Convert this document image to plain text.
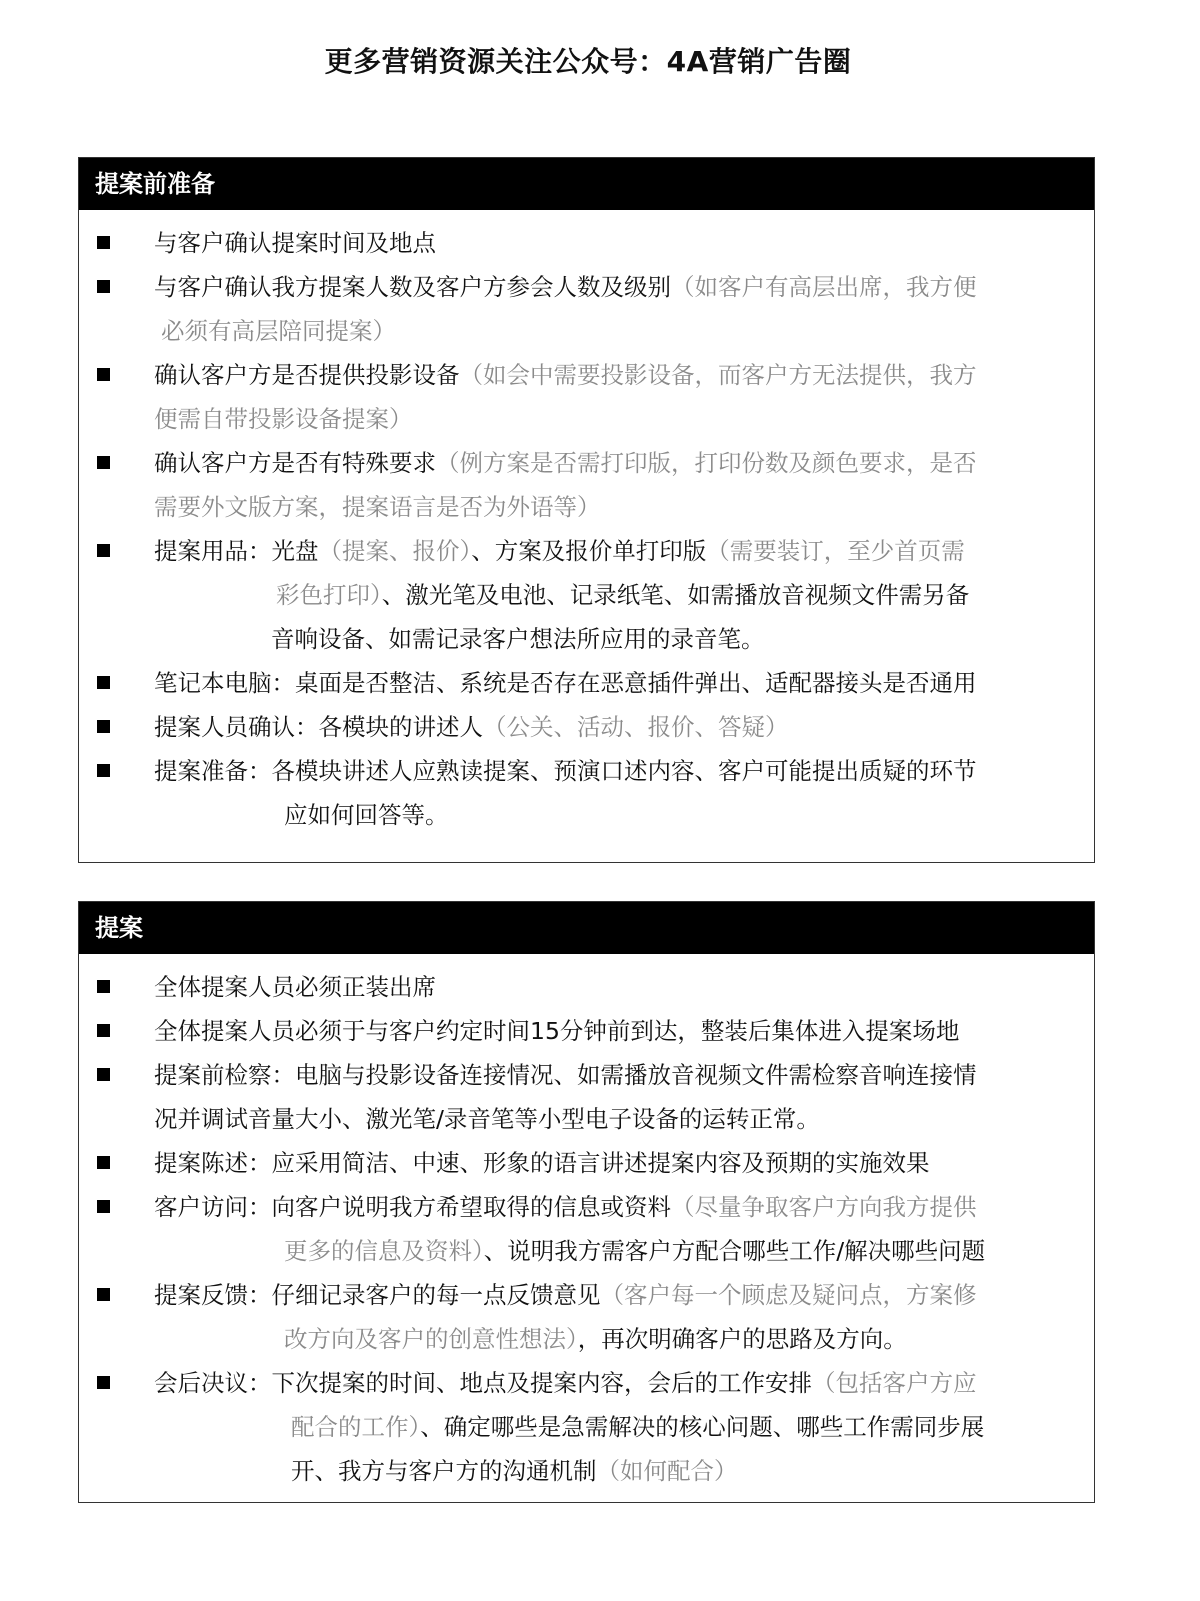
更多营销资源关注公众号：4A营销广告圈
提案前准备
与客户确认提案时间及地点
与客户确认我方提案人数及客户方参会人数及级别（如客户有高层出席，我方便
必须有高层陪同提案）
确认客户方是否提供投影设备（如会中需要投影设备，而客户方无法提供，我方
便需自带投影设备提案）
确认客户方是否有特殊要求（例方案是否需打印版，打印份数及颜色要求，是否
需要外文版方案，提案语言是否为外语等）
提案用品：光盘（提案、报价）、方案及报价单打印版（需要装订，至少首页需
彩色打印）、激光笔及电池、记录纸笔、如需播放音视频文件需另备
音响设备、如需记录客户想法所应用的录音笔。
笔记本电脑：桌面是否整洁、系统是否存在恶意插件弹出、适配器接头是否通用
提案人员确认：各模块的讲述人（公关、活动、报价、答疑）
提案准备：各模块讲述人应熟读提案、预演口述内容、客户可能提出质疑的环节
应如何回答等。
提案
全体提案人员必须正装出席
全体提案人员必须于与客户约定时间15分钟前到达，整装后集体进入提案场地
提案前检察：电脑与投影设备连接情况、如需播放音视频文件需检察音响连接情
况并调试音量大小、激光笔/录音笔等小型电子设备的运转正常。
提案陈述：应采用简洁、中速、形象的语言讲述提案内容及预期的实施效果
客户访问：向客户说明我方希望取得的信息或资料（尽量争取客户方向我方提供
更多的信息及资料）、说明我方需客户方配合哪些工作/解决哪些问题
提案反馈：仔细记录客户的每一点反馈意见（客户每一个顾虑及疑问点，方案修
改方向及客户的创意性想法），再次明确客户的思路及方向。
会后决议：下次提案的时间、地点及提案内容，会后的工作安排（包括客户方应
配合的工作）、确定哪些是急需解决的核心问题、哪些工作需同步展
开、我方与客户方的沟通机制（如何配合）
